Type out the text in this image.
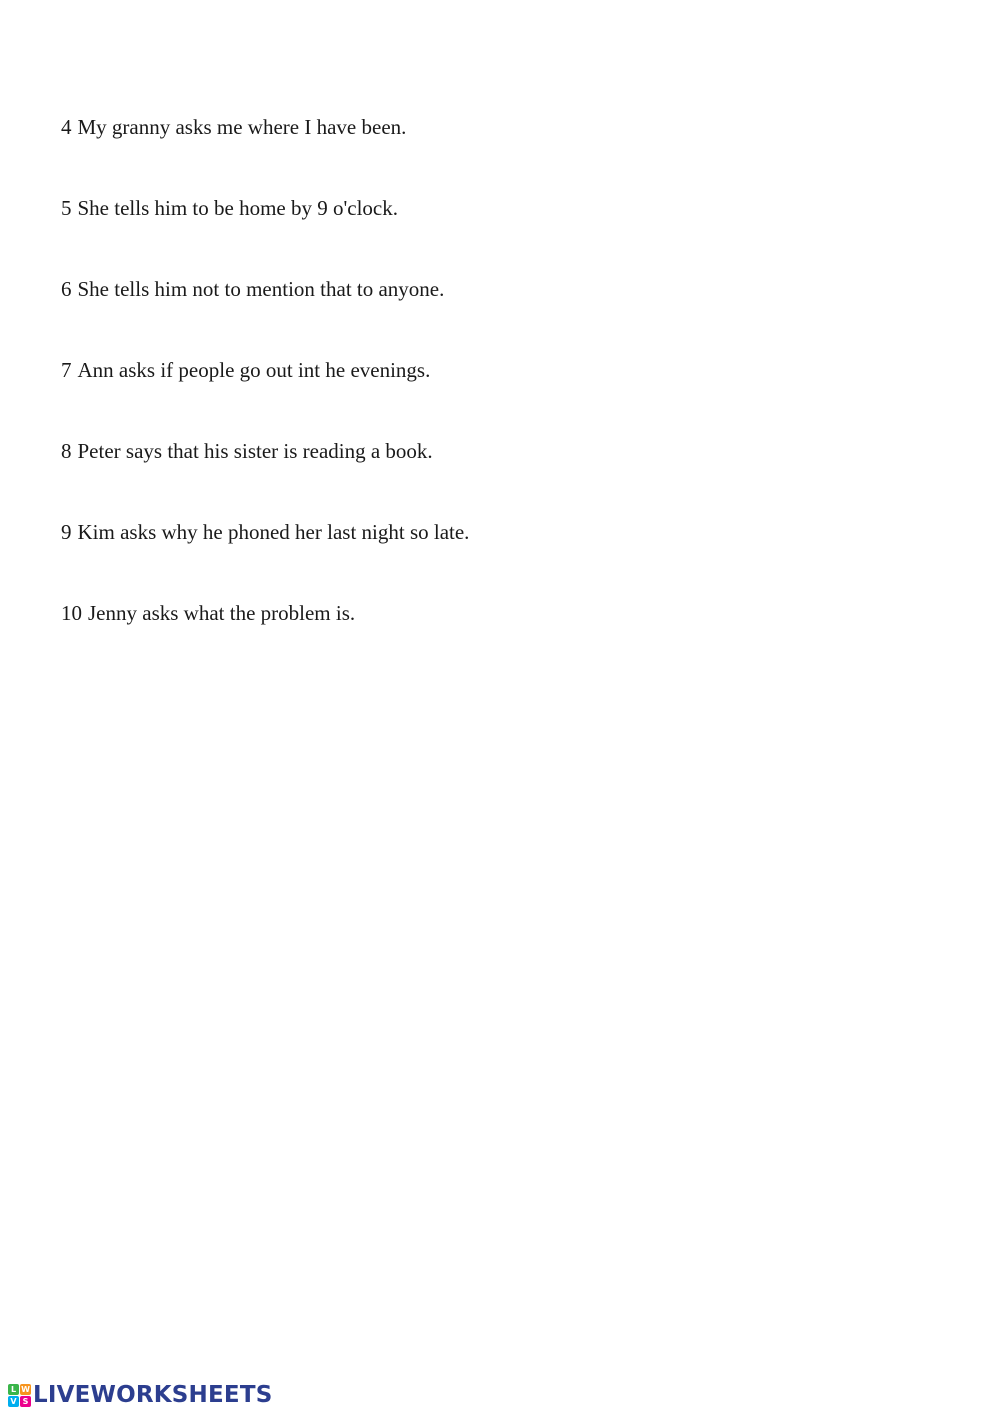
4 My granny asks me where I have been.
5 She tells him to be home by 9 o'clock.
6 She tells him not to mention that to anyone.
7 Ann asks if people go out int he evenings.
8 Peter says that his sister is reading a book.
9 Kim asks why he phoned her last night so late.
10 Jenny asks what the problem is.
L W
V S LIVEWORKSHEETS
